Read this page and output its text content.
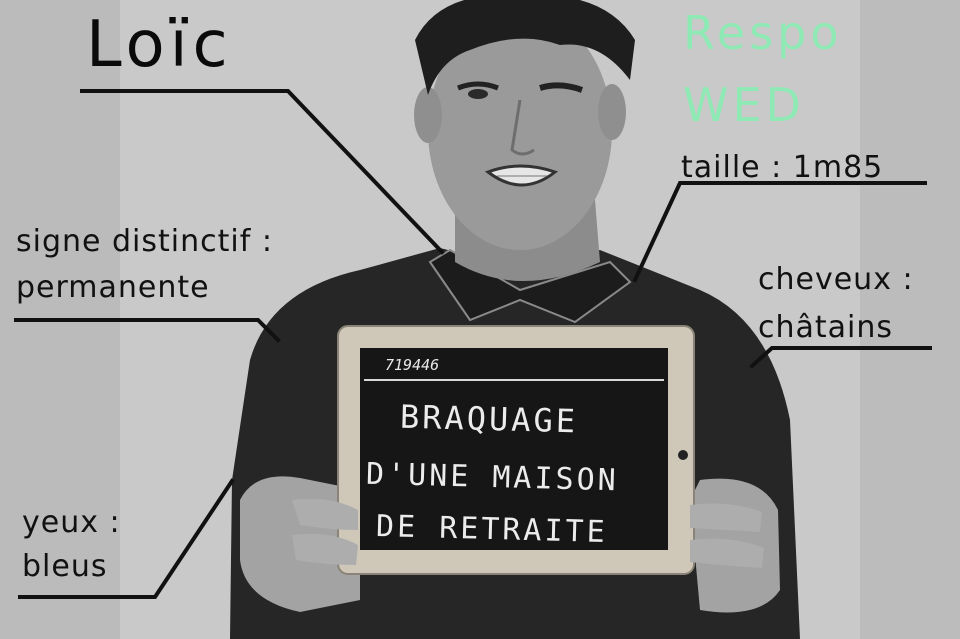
Loïc	Respo
WED
taille : 1m85
signe distinctif :
permanente	cheveux :
châtains
yeux :
bleus
719446
BRAQUAGE
D'UNE MAISON
DE RETRAITE
